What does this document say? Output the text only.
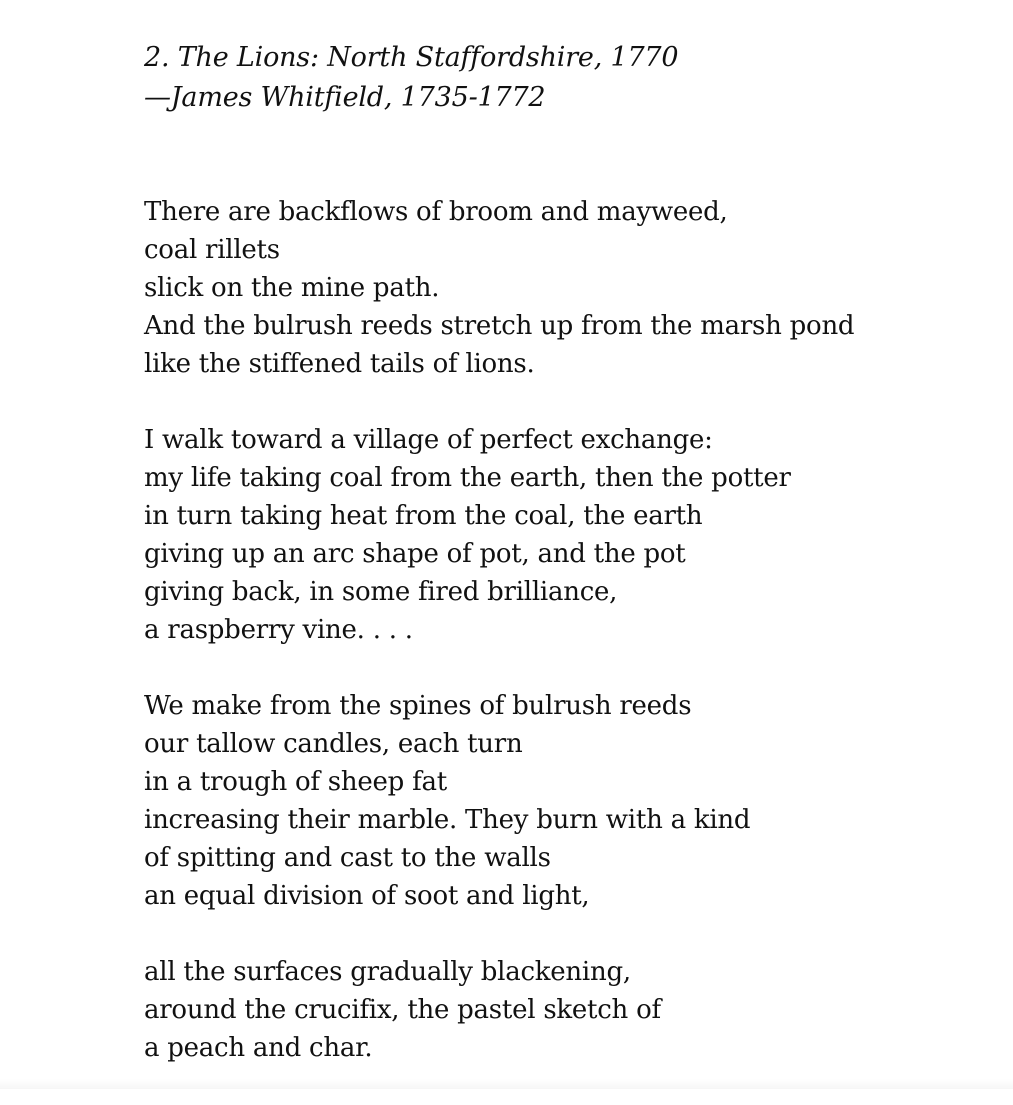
2. The Lions: North Staffordshire, 1770
—James Whitfield, 1735-1772
There are backflows of broom and mayweed,
coal rillets
slick on the mine path.
And the bulrush reeds stretch up from the marsh pond
like the stiffened tails of lions.
I walk toward a village of perfect exchange:
my life taking coal from the earth, then the potter
in turn taking heat from the coal, the earth
giving up an arc shape of pot, and the pot
giving back, in some fired brilliance,
a raspberry vine. . . .
We make from the spines of bulrush reeds
our tallow candles, each turn
in a trough of sheep fat
increasing their marble. They burn with a kind
of spitting and cast to the walls
an equal division of soot and light,
all the surfaces gradually blackening,
around the crucifix, the pastel sketch of
a peach and char.
